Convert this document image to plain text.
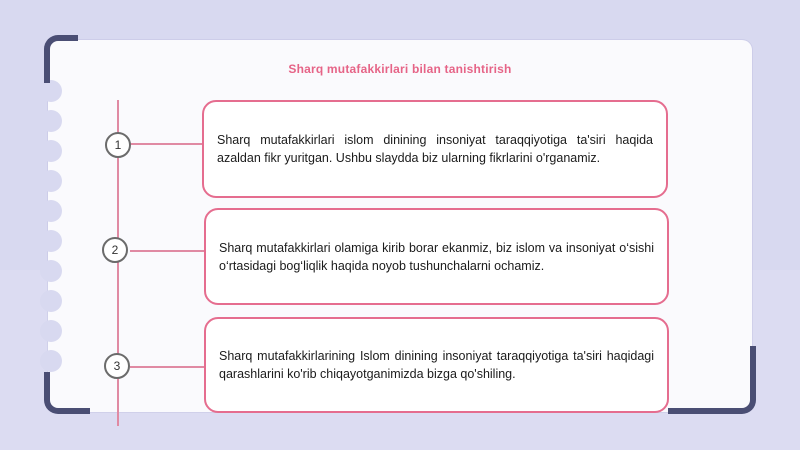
Sharq mutafakkirlari bilan tanishtirish
1	Sharq mutafakkirlari islom dinining insoniyat taraqqiyotiga ta'siri haqida azaldan fikr yuritgan. Ushbu slaydda biz ularning fikrlarini o'rganamiz.
2	Sharq mutafakkirlari olamiga kirib borar ekanmiz, biz islom va insoniyat o‘sishi o‘rtasidagi bog‘liqlik haqida noyob tushunchalarni ochamiz.
3
Sharq mutafakkirlarining Islom dinining insoniyat taraqqiyotiga ta'siri haqidagi qarashlarini ko'rib chiqayotganimizda bizga qo'shiling.
